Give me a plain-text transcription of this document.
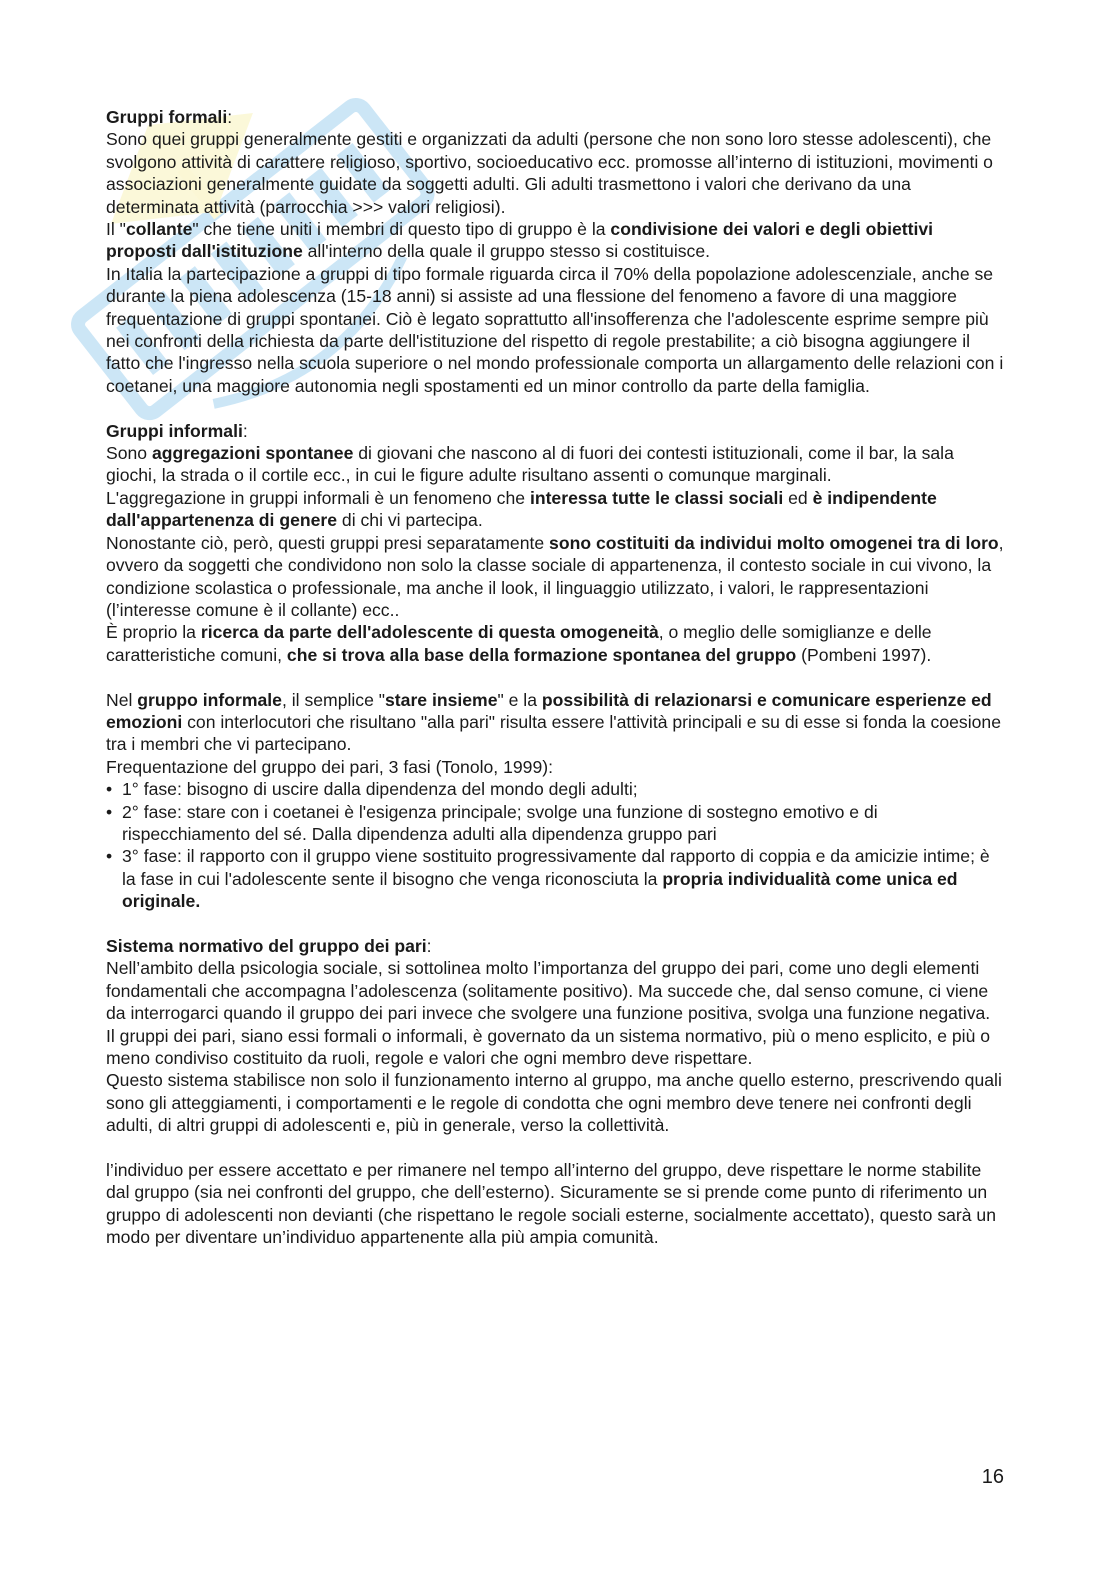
Gruppi formali:

Sono quei gruppi generalmente gestiti e organizzati da adulti (persone che non sono loro stesse adolescenti), che svolgono attività di carattere religioso, sportivo, socioeducativo ecc. promosse all’interno di istituzioni, movimenti o associazioni generalmente guidate da soggetti adulti. Gli adulti trasmettono i valori che derivano da una determinata attività (parrocchia >>> valori religiosi).

Il "collante" che tiene uniti i membri di questo tipo di gruppo è la condivisione dei valori e degli obiettivi proposti dall'istituzione all'interno della quale il gruppo stesso si costituisce.

In Italia la partecipazione a gruppi di tipo formale riguarda circa il 70% della popolazione adolescenziale, anche se durante la piena adolescenza (15-18 anni) si assiste ad una flessione del fenomeno a favore di una maggiore frequentazione di gruppi spontanei. Ciò è legato soprattutto all'insofferenza che l'adolescente esprime sempre più nei confronti della richiesta da parte dell'istituzione del rispetto di regole prestabilite; a ciò bisogna aggiungere il fatto che l'ingresso nella scuola superiore o nel mondo professionale comporta un allargamento delle relazioni con i coetanei, una maggiore autonomia negli spostamenti ed un minor controllo da parte della famiglia.

Gruppi informali:

Sono aggregazioni spontanee di giovani che nascono al di fuori dei contesti istituzionali, come il bar, la sala giochi, la strada o il cortile ecc., in cui le figure adulte risultano assenti o comunque marginali.

L'aggregazione in gruppi informali è un fenomeno che interessa tutte le classi sociali ed è indipendente dall'appartenenza di genere di chi vi partecipa.

Nonostante ciò, però, questi gruppi presi separatamente sono costituiti da individui molto omogenei tra di loro, ovvero da soggetti che condividono non solo la classe sociale di appartenenza, il contesto sociale in cui vivono, la condizione scolastica o professionale, ma anche il look, il linguaggio utilizzato, i valori, le rappresentazioni (l’interesse comune è il collante) ecc..

È proprio la ricerca da parte dell'adolescente di questa omogeneità, o meglio delle somiglianze e delle caratteristiche comuni, che si trova alla base della formazione spontanea del gruppo (Pombeni 1997).

Nel gruppo informale, il semplice "stare insieme" e la possibilità di relazionarsi e comunicare esperienze ed emozioni con interlocutori che risultano "alla pari" risulta essere l'attività principali e su di esse si fonda la coesione tra i membri che vi partecipano.

Frequentazione del gruppo dei pari, 3 fasi (Tonolo, 1999):

• 1° fase: bisogno di uscire dalla dipendenza del mondo degli adulti;
• 2° fase: stare con i coetanei è l'esigenza principale; svolge una funzione di sostegno emotivo e di rispecchiamento del sé. Dalla dipendenza adulti alla dipendenza gruppo pari
• 3° fase: il rapporto con il gruppo viene sostituito progressivamente dal rapporto di coppia e da amicizie intime; è la fase in cui l'adolescente sente il bisogno che venga riconosciuta la propria individualità come unica ed originale.

Sistema normativo del gruppo dei pari:

Nell’ambito della psicologia sociale, si sottolinea molto l’importanza del gruppo dei pari, come uno degli elementi fondamentali che accompagna l’adolescenza (solitamente positivo). Ma succede che, dal senso comune, ci viene da interrogarci quando il gruppo dei pari invece che svolgere una funzione positiva, svolga una funzione negativa.

Il gruppi dei pari, siano essi formali o informali, è governato da un sistema normativo, più o meno esplicito, e più o meno condiviso costituito da ruoli, regole e valori che ogni membro deve rispettare.

Questo sistema stabilisce non solo il funzionamento interno al gruppo, ma anche quello esterno, prescrivendo quali sono gli atteggiamenti, i comportamenti e le regole di condotta che ogni membro deve tenere nei confronti degli adulti, di altri gruppi di adolescenti e, più in generale, verso la collettività.

l’individuo per essere accettato e per rimanere nel tempo all’interno del gruppo, deve rispettare le norme stabilite dal gruppo (sia nei confronti del gruppo, che dell’esterno). Sicuramente se si prende come punto di riferimento un gruppo di adolescenti non devianti (che rispettano le regole sociali esterne, socialmente accettato), questo sarà un modo per diventare un’individuo appartenente alla più ampia comunità.

16
